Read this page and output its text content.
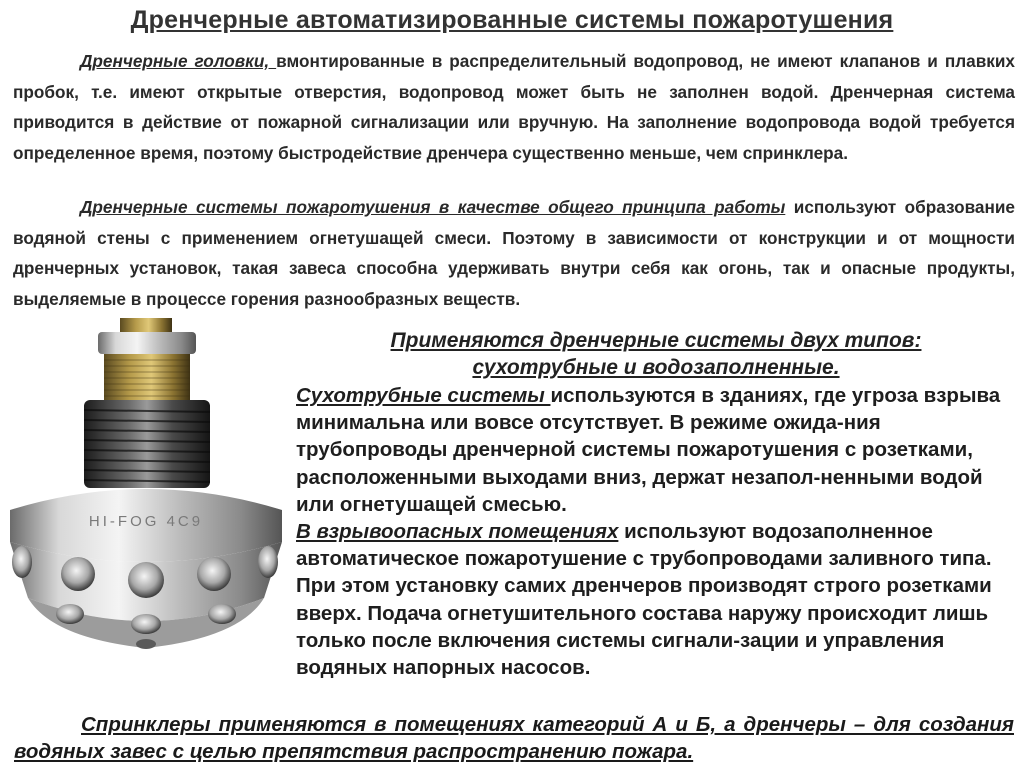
Дренчерные автоматизированные системы пожаротушения
Дренчерные головки, вмонтированные в распределительный водопровод, не имеют клапанов и плавких пробок, т.е. имеют открытые отверстия, водопровод может быть не заполнен водой. Дренчерная система приводится в действие от пожарной сигнализации или вручную. На заполнение водопровода водой требуется определенное время, поэтому быстродействие дренчера существенно меньше, чем спринклера.
Дренчерные системы пожаротушения в качестве общего принципа работы используют образование водяной стены с применением огнетушащей смеси. Поэтому в зависимости от конструкции и от мощности дренчерных установок, такая завеса способна удерживать внутри себя как огонь, так и опасные продукты, выделяемые в процессе горения разнообразных веществ.
HI-FOG 4C9
Применяются дренчерные системы двух типов:
сухотрубные и водозаполненные.

Сухотрубные системы используются в зданиях, где угроза взрыва минимальна или вовсе отсутствует. В режиме ожида-ния трубопроводы дренчерной системы пожаротушения с розетками, расположенными выходами вниз, держат незапол-ненными водой или огнетушащей смесью.

В взрывоопасных помещениях используют водозаполненное автоматическое пожаротушение с трубопроводами заливного типа. При этом установку самих дренчеров производят строго розетками вверх. Подача огнетушительного состава наружу происходит лишь только после включения системы сигнали-зации и управления водяных напорных насосов.

Спринклеры применяются в помещениях категорий А и Б, а дренчеры – для создания водяных завес с целью препятствия распространению пожара.
